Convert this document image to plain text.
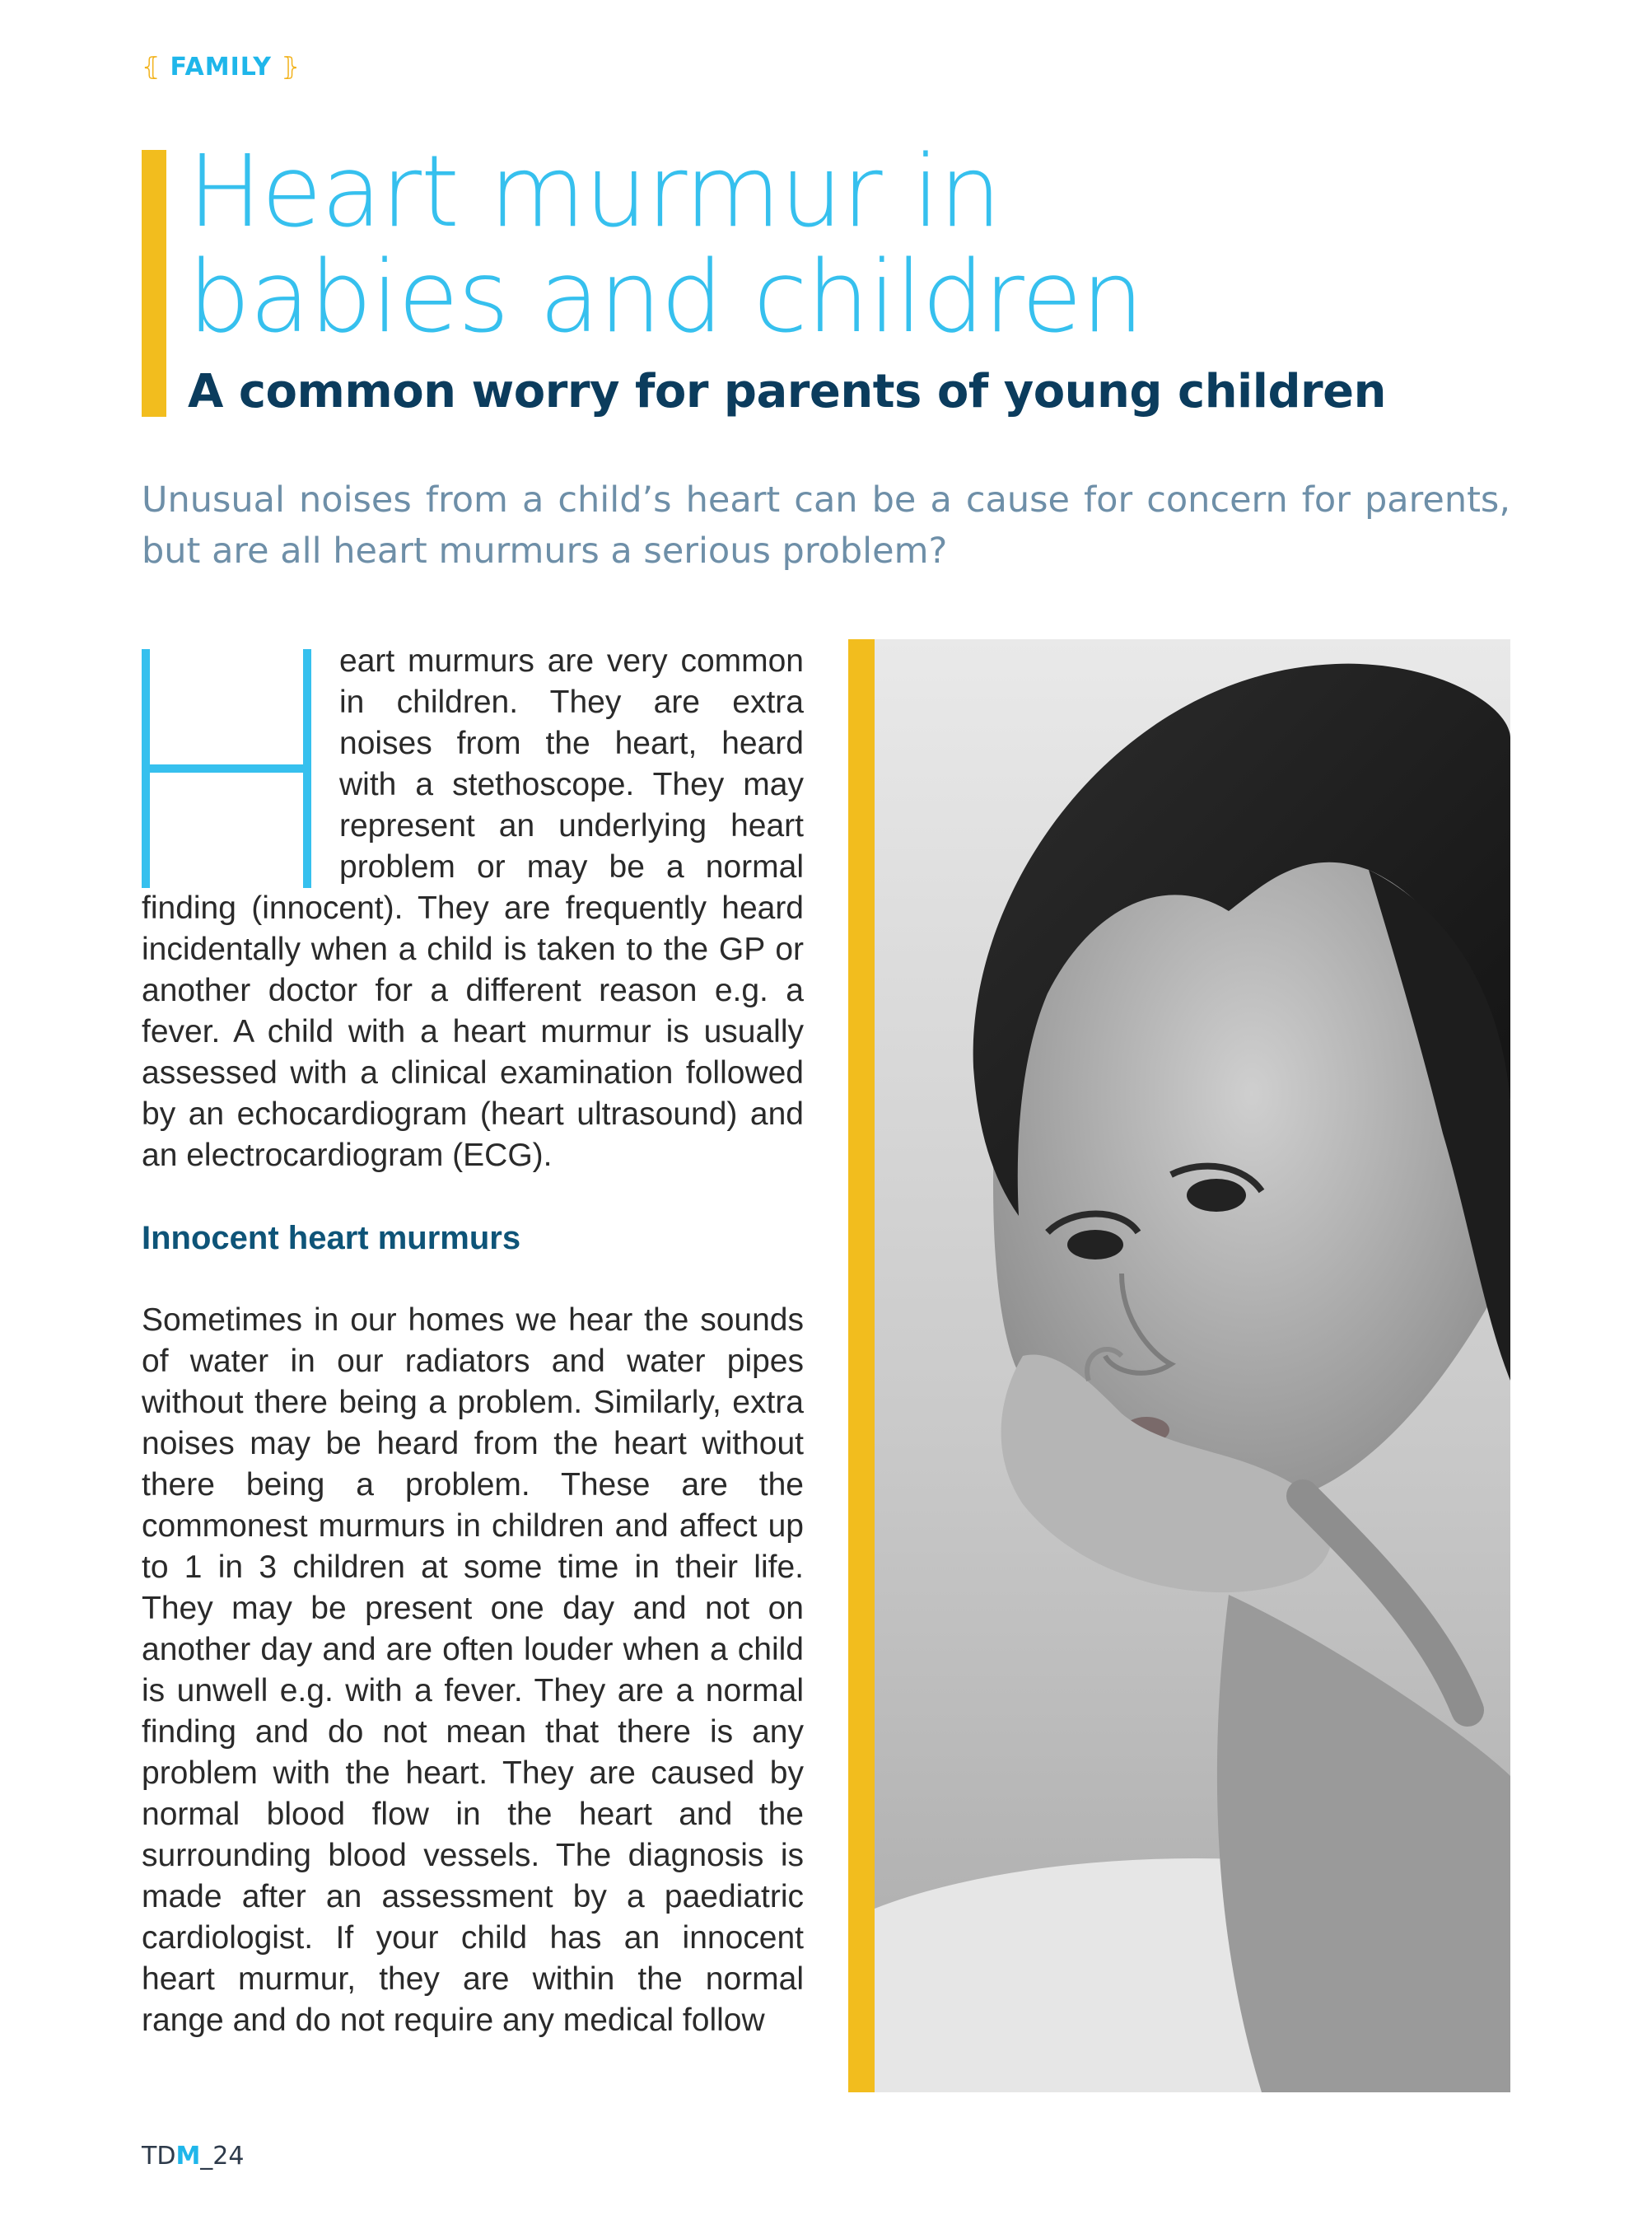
⦃ FAMILY ⦄
Heart murmur in
babies and children
A common worry for parents of young children

Unusual noises from a child’s heart can be a cause for concern for parents, but are all heart murmurs a serious problem?

eart murmurs are very common in children. They are extra noises from the heart, heard with a stethoscope. They may represent an underlying heart problem or may be a normal finding (innocent). They are frequently heard incidentally when a child is taken to the GP or another doctor for a different reason e.g. a fever. A child with a heart murmur is usually assessed with a clinical examination followed by an echocardiogram (heart ultrasound) and an electrocardiogram (ECG).

Innocent heart murmurs

Sometimes in our homes we hear the sounds of water in our radiators and water pipes without there being a problem. Similarly, extra noises may be heard from the heart without there being a problem. These are the commonest murmurs in children and affect up to 1 in 3 children at some time in their life. They may be present one day and not on another day and are often louder when a child is unwell e.g. with a fever. They are a normal finding and do not mean that there is any problem with the heart. They are caused by normal blood flow in the heart and the surrounding blood vessels. The diagnosis is made after an assessment by a paediatric cardiologist. If your child has an innocent heart murmur, they are within the normal range and do not require any medical follow

TDM_24
